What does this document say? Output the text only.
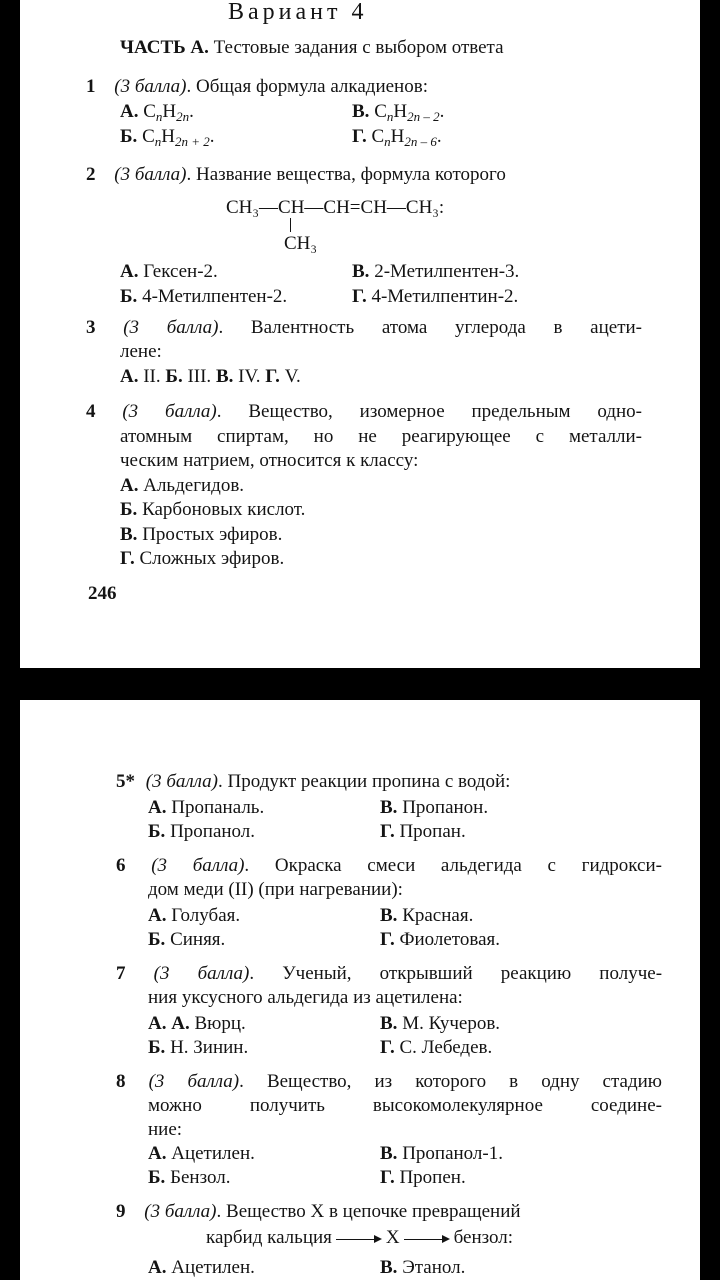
Вариант 4
ЧАСТЬ А. Тестовые задания с выбором ответа
1 (3 балла). Общая формула алкадиенов:
А. $C_nH_{2n}$.	В. $C_nH_{2n - 2}$.
Б. $C_nH_{2n + 2}$.	Г. $C_nH_{2n - 6}$.
2 (3 балла). Название вещества, формула которого
CH₃—CH—CH=CH—CH₃:
CH₃
А. Гексен-2.	В. 2-Метилпентен-3.
Б. 4-Метилпентен-2.	Г. 4-Метилпентин-2.
3 (3 балла). Валентность атома углерода в ацети-
лене:
А. II. Б. III. В. IV. Г. V.
4 (3 балла). Вещество, изомерное предельным одно-
атомным спиртам, но не реагирующее с металли-
ческим натрием, относится к классу:
А. Альдегидов.
Б. Карбоновых кислот.
В. Простых эфиров.
Г. Сложных эфиров.
246
5* (3 балла). Продукт реакции пропина с водой:
А. Пропаналь.	В. Пропанон.
Б. Пропанол.	Г. Пропан.
6 (3 балла). Окраска смеси альдегида с гидрокси-
дом меди (II) (при нагревании):
А. Голубая.	В. Красная.
Б. Синяя.	Г. Фиолетовая.
7 (3 балла). Ученый, открывший реакцию получе-
ния уксусного альдегида из ацетилена:
А. А. Вюрц.	В. М. Кучеров.
Б. Н. Зинин.	Г. С. Лебедев.
8 (3 балла). Вещество, из которого в одну стадию
можно получить высокомолекулярное соедине-
ние:
А. Ацетилен.	В. Пропанол-1.
Б. Бензол.	Г. Пропен.
9 (3 балла). Вещество X в цепочке превращений
карбид кальция	X	бензол:
А. Ацетилен.	В. Этанол.
